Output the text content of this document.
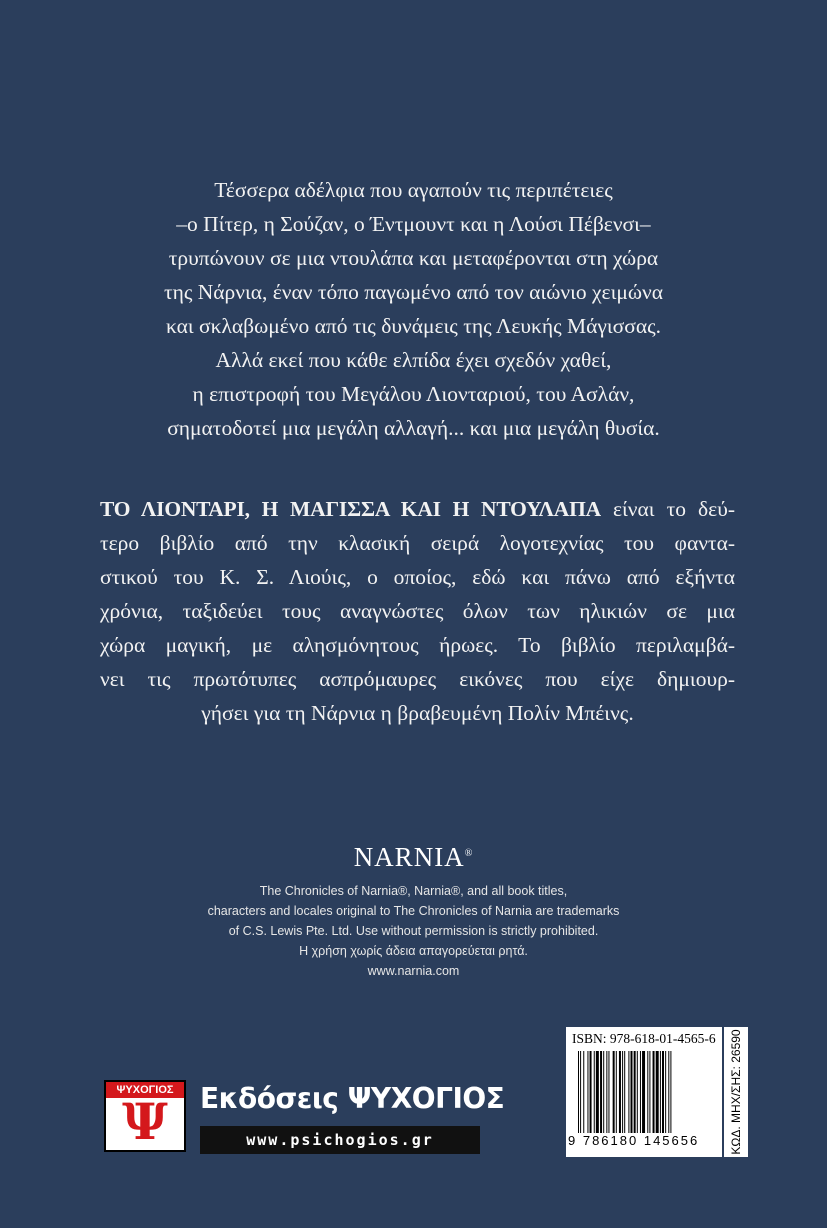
Τέσσερα αδέλφια που αγαπούν τις περιπέτειες
–ο Πίτερ, η Σούζαν, ο Έντμουντ και η Λούσι Πέβενσι–
τρυπώνουν σε μια ντουλάπα και μεταφέρονται στη χώρα
της Νάρνια, έναν τόπο παγωμένο από τον αιώνιο χειμώνα
και σκλαβωμένο από τις δυνάμεις της Λευκής Μάγισσας.
Αλλά εκεί που κάθε ελπίδα έχει σχεδόν χαθεί,
η επιστροφή του Μεγάλου Λιονταριού, του Ασλάν,
σηματοδοτεί μια μεγάλη αλλαγή... και μια μεγάλη θυσία.
ΤΟ ΛΙΟΝΤΑΡΙ, Η ΜΑΓΙΣΣΑ ΚΑΙ Η ΝΤΟΥΛΑΠΑ είναι το δεύ-
τερο βιβλίο από την κλασική σειρά λογοτεχνίας του φαντα-
στικού του Κ. Σ. Λιούις, ο οποίος, εδώ και πάνω από εξήντα
χρόνια, ταξιδεύει τους αναγνώστες όλων των ηλικιών σε μια
χώρα μαγική, με αλησμόνητους ήρωες. Το βιβλίο περιλαμβά-
νει τις πρωτότυπες ασπρόμαυρες εικόνες που είχε δημιουρ-
γήσει για τη Νάρνια η βραβευμένη Πολίν Μπέινς.
NARNIA®
The Chronicles of Narnia®, Narnia®, and all book titles,
characters and locales original to The Chronicles of Narnia are trademarks
of C.S. Lewis Pte. Ltd. Use without permission is strictly prohibited.
Η χρήση χωρίς άδεια απαγορεύεται ρητά.
www.narnia.com
ΨΥΧΟΓΙΟΣ
Ψ	Εκδόσεις ΨΥΧΟΓΙΟΣ
www.psichogios.gr
ISBN: 978-618-01-4565-6
9 786180 145656 ΚΩΔ. ΜΗΧ/ΣΗΣ: 26590
